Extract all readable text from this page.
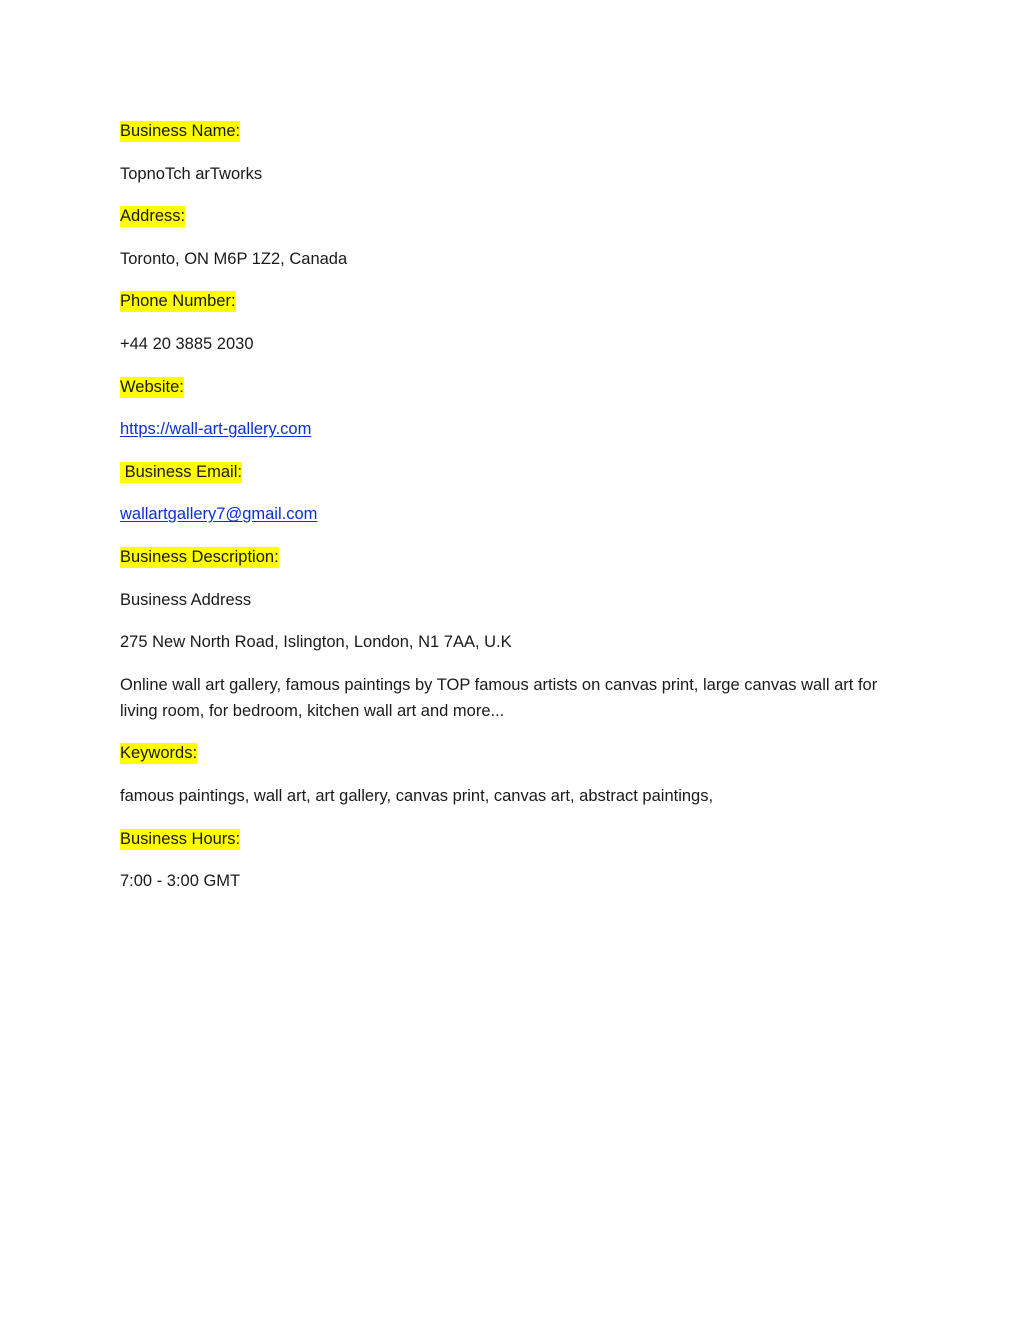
Business Name:

TopnoTch arTworks

Address:

Toronto, ON M6P 1Z2, Canada

Phone Number:

+44 20 3885 2030

Website:

https://wall-art-gallery.com

Business Email:

wallartgallery7@gmail.com

Business Description:

Business Address

275 New North Road, Islington, London, N1 7AA, U.K

Online wall art gallery, famous paintings by TOP famous artists on canvas print, large canvas wall art for living room, for bedroom, kitchen wall art and more...

Keywords:

famous paintings, wall art, art gallery, canvas print, canvas art, abstract paintings,

Business Hours:

7:00 - 3:00 GMT
